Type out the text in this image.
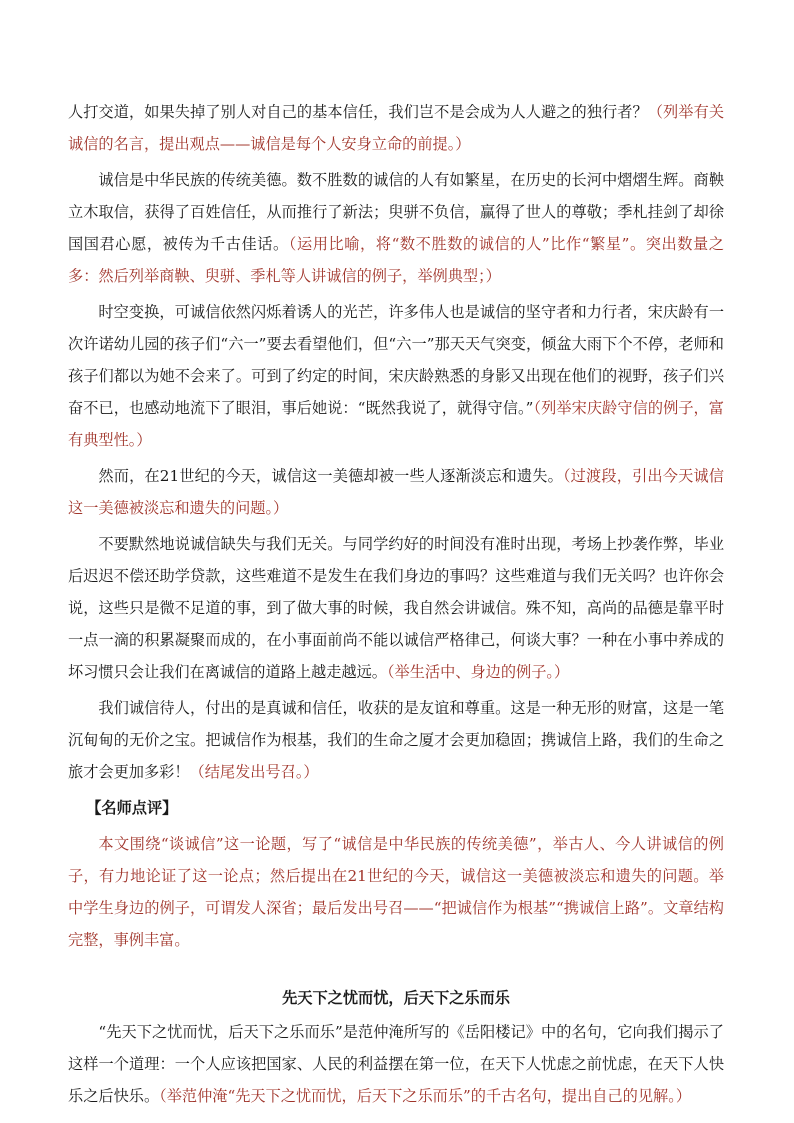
人打交道，如果失掉了别人对自己的基本信任，我们岂不是会成为人人避之的独行者？（列举有关诚信的名言，提出观点——诚信是每个人安身立命的前提。）

诚信是中华民族的传统美德。数不胜数的诚信的人有如繁星，在历史的长河中熠熠生辉。商鞅立木取信，获得了百姓信任，从而推行了新法；臾骈不负信，赢得了世人的尊敬；季札挂剑了却徐国国君心愿，被传为千古佳话。（运用比喻，将“数不胜数的诚信的人”比作“繁星”。突出数量之多：然后列举商鞅、臾骈、季札等人讲诚信的例子，举例典型；）

时空变换，可诚信依然闪烁着诱人的光芒，许多伟人也是诚信的坚守者和力行者，宋庆龄有一次许诺幼儿园的孩子们“六一”要去看望他们，但“六一”那天天气突变，倾盆大雨下个不停，老师和孩子们都以为她不会来了。可到了约定的时间，宋庆龄熟悉的身影又出现在他们的视野，孩子们兴奋不已，也感动地流下了眼泪，事后她说：“既然我说了，就得守信。”（列举宋庆龄守信的例子，富有典型性。）

然而，在21世纪的今天，诚信这一美德却被一些人逐渐淡忘和遗失。（过渡段，引出今天诚信这一美德被淡忘和遗失的问题。）

不要默然地说诚信缺失与我们无关。与同学约好的时间没有准时出现，考场上抄袭作弊，毕业后迟迟不偿还助学贷款，这些难道不是发生在我们身边的事吗？这些难道与我们无关吗？也许你会说，这些只是微不足道的事，到了做大事的时候，我自然会讲诚信。殊不知，高尚的品德是靠平时一点一滴的积累凝聚而成的，在小事面前尚不能以诚信严格律己，何谈大事？一种在小事中养成的坏习惯只会让我们在离诚信的道路上越走越远。（举生活中、身边的例子。）

我们诚信待人，付出的是真诚和信任，收获的是友谊和尊重。这是一种无形的财富，这是一笔沉甸甸的无价之宝。把诚信作为根基，我们的生命之厦才会更加稳固；携诚信上路，我们的生命之旅才会更加多彩！（结尾发出号召。）

【名师点评】

本文围绕“谈诚信”这一论题，写了“诚信是中华民族的传统美德”，举古人、今人讲诚信的例子，有力地论证了这一论点；然后提出在21世纪的今天，诚信这一美德被淡忘和遗失的问题。举中学生身边的例子，可谓发人深省；最后发出号召——“把诚信作为根基”“携诚信上路”。文章结构完整，事例丰富。

先天下之忧而忧，后天下之乐而乐

“先天下之忧而忧，后天下之乐而乐”是范仲淹所写的《岳阳楼记》中的名句，它向我们揭示了这样一个道理：一个人应该把国家、人民的利益摆在第一位，在天下人忧虑之前忧虑，在天下人快乐之后快乐。（举范仲淹“先天下之忧而忧，后天下之乐而乐”的千古名句，提出自己的见解。）
